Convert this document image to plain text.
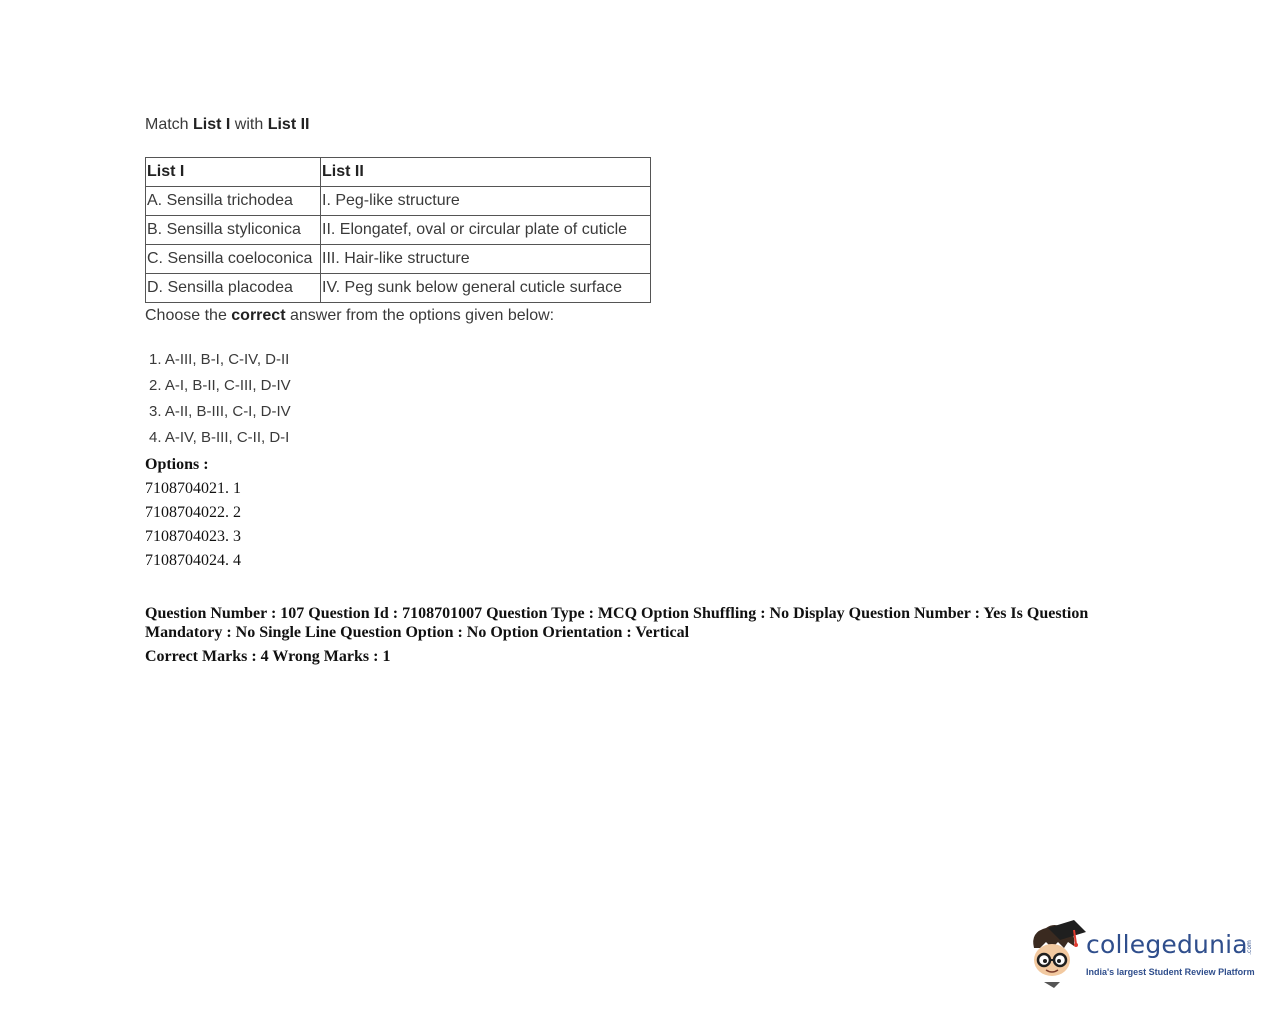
Match List I with List II
List I	List II
A. Sensilla trichodea	I. Peg-like structure
B. Sensilla styliconica	II. Elongatef, oval or circular plate of cuticle
C. Sensilla coeloconica	III. Hair-like structure
D. Sensilla placodea	IV. Peg sunk below general cuticle surface
Choose the correct answer from the options given below:
1. A-III, B-I, C-IV, D-II
2. A-I, B-II, C-III, D-IV
3. A-II, B-III, C-I, D-IV
4. A-IV, B-III, C-II, D-I
Options :
7108704021. 1
7108704022. 2
7108704023. 3
7108704024. 4
Question Number : 107 Question Id : 7108701007 Question Type : MCQ Option Shuffling : No Display Question Number : Yes Is Question Mandatory : No Single Line Question Option : No Option Orientation : Vertical
Correct Marks : 4 Wrong Marks : 1
collegedunia
.com
India's largest Student Review Platform
